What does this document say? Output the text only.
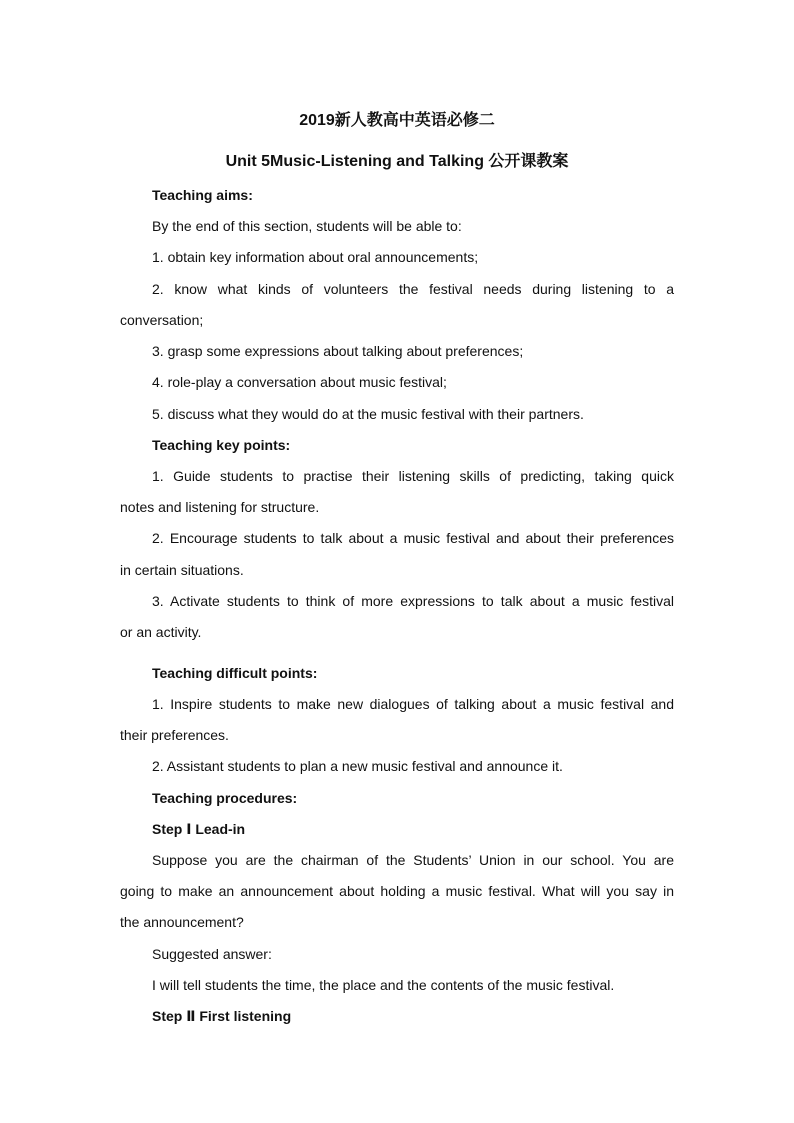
2019新人教高中英语必修二
Unit 5Music-Listening and Talking 公开课教案
Teaching aims:
By the end of this section, students will be able to:
1. obtain key information about oral announcements;
2. know what kinds of volunteers the festival needs during listening to a
conversation;
3. grasp some expressions about talking about preferences;
4. role-play a conversation about music festival;
5. discuss what they would do at the music festival with their partners.
Teaching key points:
1. Guide students to practise their listening skills of predicting, taking quick
notes and listening for structure.
2. Encourage students to talk about a music festival and about their preferences
in certain situations.
3. Activate students to think of more expressions to talk about a music festival
or an activity.
Teaching difficult points:
1. Inspire students to make new dialogues of talking about a music festival and
their preferences.
2. Assistant students to plan a new music festival and announce it.
Teaching procedures:
Step Ⅰ Lead-in
Suppose you are the chairman of the Students’ Union in our school. You are
going to make an announcement about holding a music festival. What will you say in
the announcement?
Suggested answer:
I will tell students the time, the place and the contents of the music festival.
Step Ⅱ First listening
